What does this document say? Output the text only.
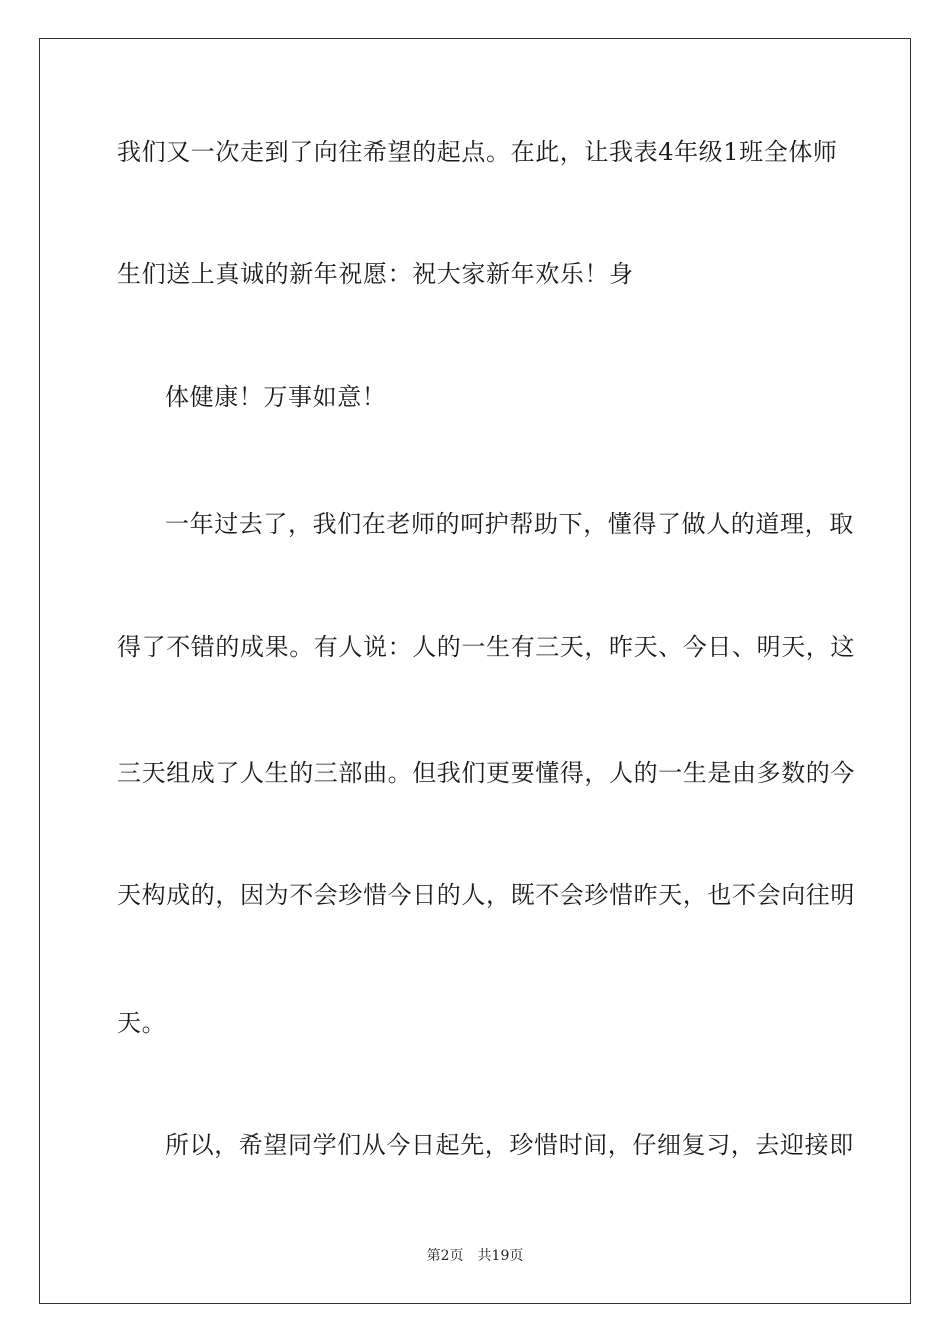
我们又一次走到了向往希望的起点。在此，让我表4年级1班全体师
生们送上真诚的新年祝愿：祝大家新年欢乐！身
体健康！万事如意！
一年过去了，我们在老师的呵护帮助下，懂得了做人的道理，取
得了不错的成果。有人说：人的一生有三天，昨天、今日、明天，这
三天组成了人生的三部曲。但我们更要懂得，人的一生是由多数的今
天构成的，因为不会珍惜今日的人，既不会珍惜昨天，也不会向往明
天。
所以，希望同学们从今日起先，珍惜时间，仔细复习，去迎接即
第2页 共19页
